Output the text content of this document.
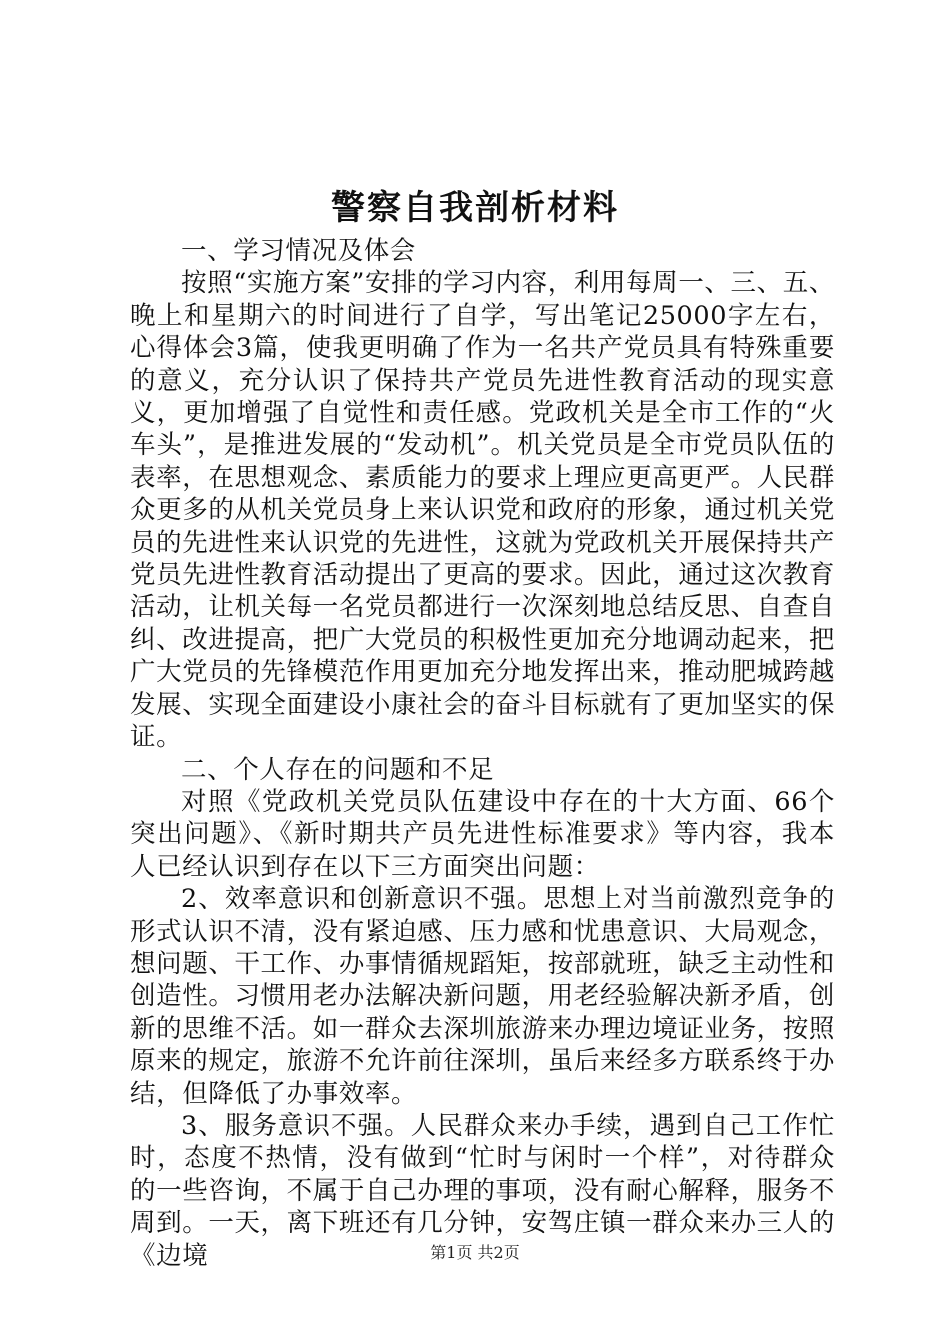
警察自我剖析材料

一、学习情况及体会

按照“实施方案”安排的学习内容，利用每周一、三、五、晚上和星期六的时间进行了自学，写出笔记25000字左右，心得体会3篇，使我更明确了作为一名共产党员具有特殊重要的意义，充分认识了保持共产党员先进性教育活动的现实意义，更加增强了自觉性和责任感。党政机关是全市工作的“火车头”，是推进发展的“发动机”。机关党员是全市党员队伍的表率，在思想观念、素质能力的要求上理应更高更严。人民群众更多的从机关党员身上来认识党和政府的形象，通过机关党员的先进性来认识党的先进性，这就为党政机关开展保持共产党员先进性教育活动提出了更高的要求。因此，通过这次教育活动，让机关每一名党员都进行一次深刻地总结反思、自查自纠、改进提高，把广大党员的积极性更加充分地调动起来，把广大党员的先锋模范作用更加充分地发挥出来，推动肥城跨越发展、实现全面建设小康社会的奋斗目标就有了更加坚实的保证。

二、个人存在的问题和不足

对照《党政机关党员队伍建设中存在的十大方面、66个突出问题》、《新时期共产员先进性标准要求》等内容，我本人已经认识到存在以下三方面突出问题：

2、效率意识和创新意识不强。思想上对当前激烈竞争的形式认识不清，没有紧迫感、压力感和忧患意识、大局观念，想问题、干工作、办事情循规蹈矩，按部就班，缺乏主动性和创造性。习惯用老办法解决新问题，用老经验解决新矛盾，创新的思维不活。如一群众去深圳旅游来办理边境证业务，按照原来的规定，旅游不允许前往深圳，虽后来经多方联系终于办结，但降低了办事效率。

3、服务意识不强。人民群众来办手续，遇到自己工作忙时，态度不热情，没有做到“忙时与闲时一个样”，对待群众的一些咨询，不属于自己办理的事项，没有耐心解释，服务不周到。一天，离下班还有几分钟，安驾庄镇一群众来办三人的《边境	第1页 共2页
